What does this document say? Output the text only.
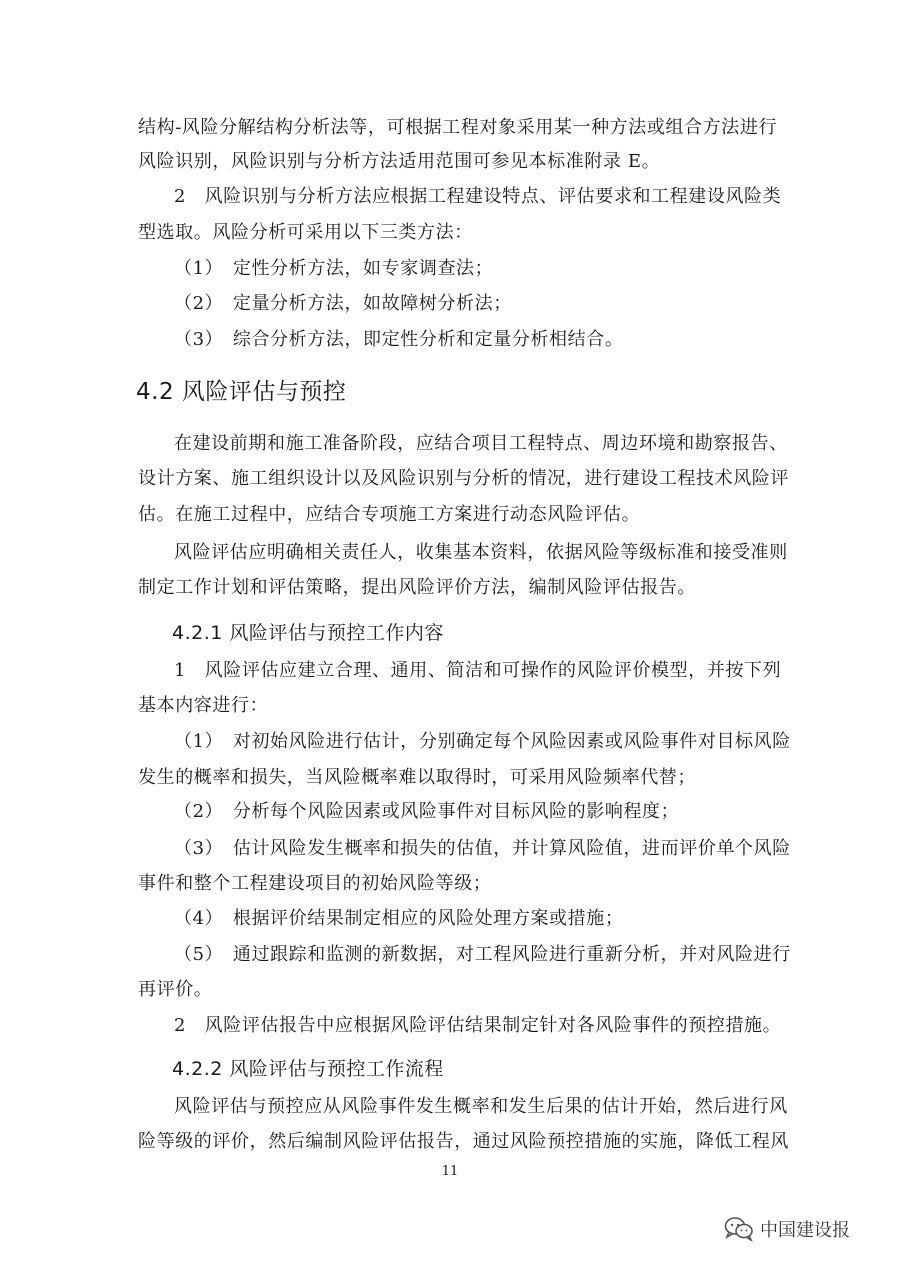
结构-风险分解结构分析法等，可根据工程对象采用某一种方法或组合方法进行
风险识别，风险识别与分析方法适用范围可参见本标准附录 E。
2　风险识别与分析方法应根据工程建设特点、评估要求和工程建设风险类
型选取。风险分析可采用以下三类方法：
（1）　定性分析方法，如专家调查法；
（2）　定量分析方法，如故障树分析法；
（3）　综合分析方法，即定性分析和定量分析相结合。
4.2 风险评估与预控
在建设前期和施工准备阶段，应结合项目工程特点、周边环境和勘察报告、
设计方案、施工组织设计以及风险识别与分析的情况，进行建设工程技术风险评
估。在施工过程中，应结合专项施工方案进行动态风险评估。
风险评估应明确相关责任人，收集基本资料，依据风险等级标准和接受准则
制定工作计划和评估策略，提出风险评价方法，编制风险评估报告。
4.2.1 风险评估与预控工作内容
1　风险评估应建立合理、通用、简洁和可操作的风险评价模型，并按下列
基本内容进行：
（1）　对初始风险进行估计，分别确定每个风险因素或风险事件对目标风险
发生的概率和损失，当风险概率难以取得时，可采用风险频率代替；
（2）　分析每个风险因素或风险事件对目标风险的影响程度；
（3）　估计风险发生概率和损失的估值，并计算风险值，进而评价单个风险
事件和整个工程建设项目的初始风险等级；
（4）　根据评价结果制定相应的风险处理方案或措施；
（5）　通过跟踪和监测的新数据，对工程风险进行重新分析，并对风险进行
再评价。
2　风险评估报告中应根据风险评估结果制定针对各风险事件的预控措施。
4.2.2 风险评估与预控工作流程
风险评估与预控应从风险事件发生概率和发生后果的估计开始，然后进行风
险等级的评价，然后编制风险评估报告，通过风险预控措施的实施，降低工程风
11
中国建设报
